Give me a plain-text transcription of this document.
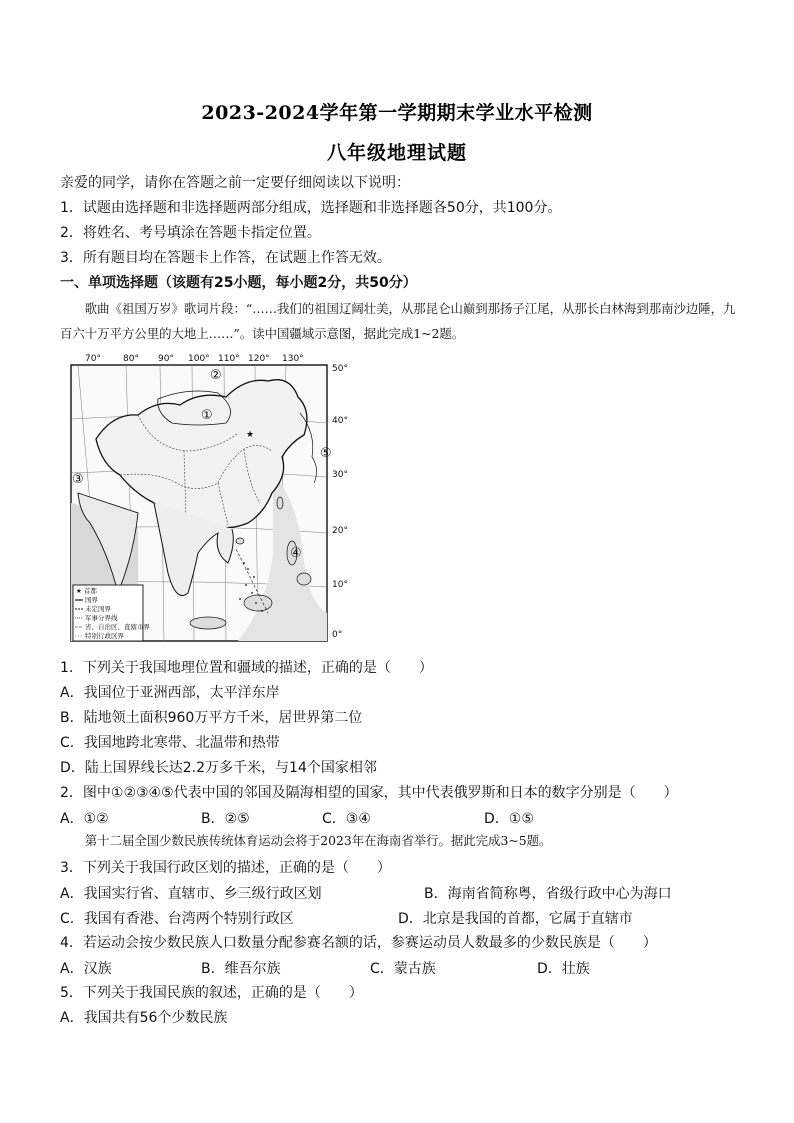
2023-2024学年第一学期期末学业水平检测
八年级地理试题
亲爱的同学，请你在答题之前一定要仔细阅读以下说明：
1．试题由选择题和非选择题两部分组成，选择题和非选择题各50分，共100分。
2．将姓名、考号填涂在答题卡指定位置。
3．所有题目均在答题卡上作答，在试题上作答无效。
一、单项选择题（该题有25小题，每小题2分，共50分）
歌曲《祖国万岁》歌词片段：“……我们的祖国辽阔壮美，从那昆仑山巅到那扬子江尾，从那长白林海到那南沙边陲，九百六十万平方公里的大地上……”。读中国疆域示意图，据此完成1~2题。
70° 80° 90° 100° 110° 120° 130°
50°
40°
30°
20°
10°
0°
★
①
②
③
④
⑤
★ 首都
国界
未定国界
军事分界线
省、自治区、直辖市界
特别行政区界
1．下列关于我国地理位置和疆域的描述，正确的是（　　）
A．我国位于亚洲西部，太平洋东岸
B．陆地领土面积960万平方千米，居世界第二位
C．我国地跨北寒带、北温带和热带
D．陆上国界线长达2.2万多千米，与14个国家相邻
2．图中①②③④⑤代表中国的邻国及隔海相望的国家，其中代表俄罗斯和日本的数字分别是（　　）
A．①②	B．②⑤	C．③④	D．①⑤
第十二届全国少数民族传统体育运动会将于2023年在海南省举行。据此完成3~5题。
3．下列关于我国行政区划的描述，正确的是（　　）
A．我国实行省、直辖市、乡三级行政区划	B．海南省简称粤，省级行政中心为海口
C．我国有香港、台湾两个特别行政区	D．北京是我国的首都，它属于直辖市
4．若运动会按少数民族人口数量分配参赛名额的话，参赛运动员人数最多的少数民族是（　　）
A．汉族	B．维吾尔族	C．蒙古族	D．壮族
5．下列关于我国民族的叙述，正确的是（　　）
A．我国共有56个少数民族
